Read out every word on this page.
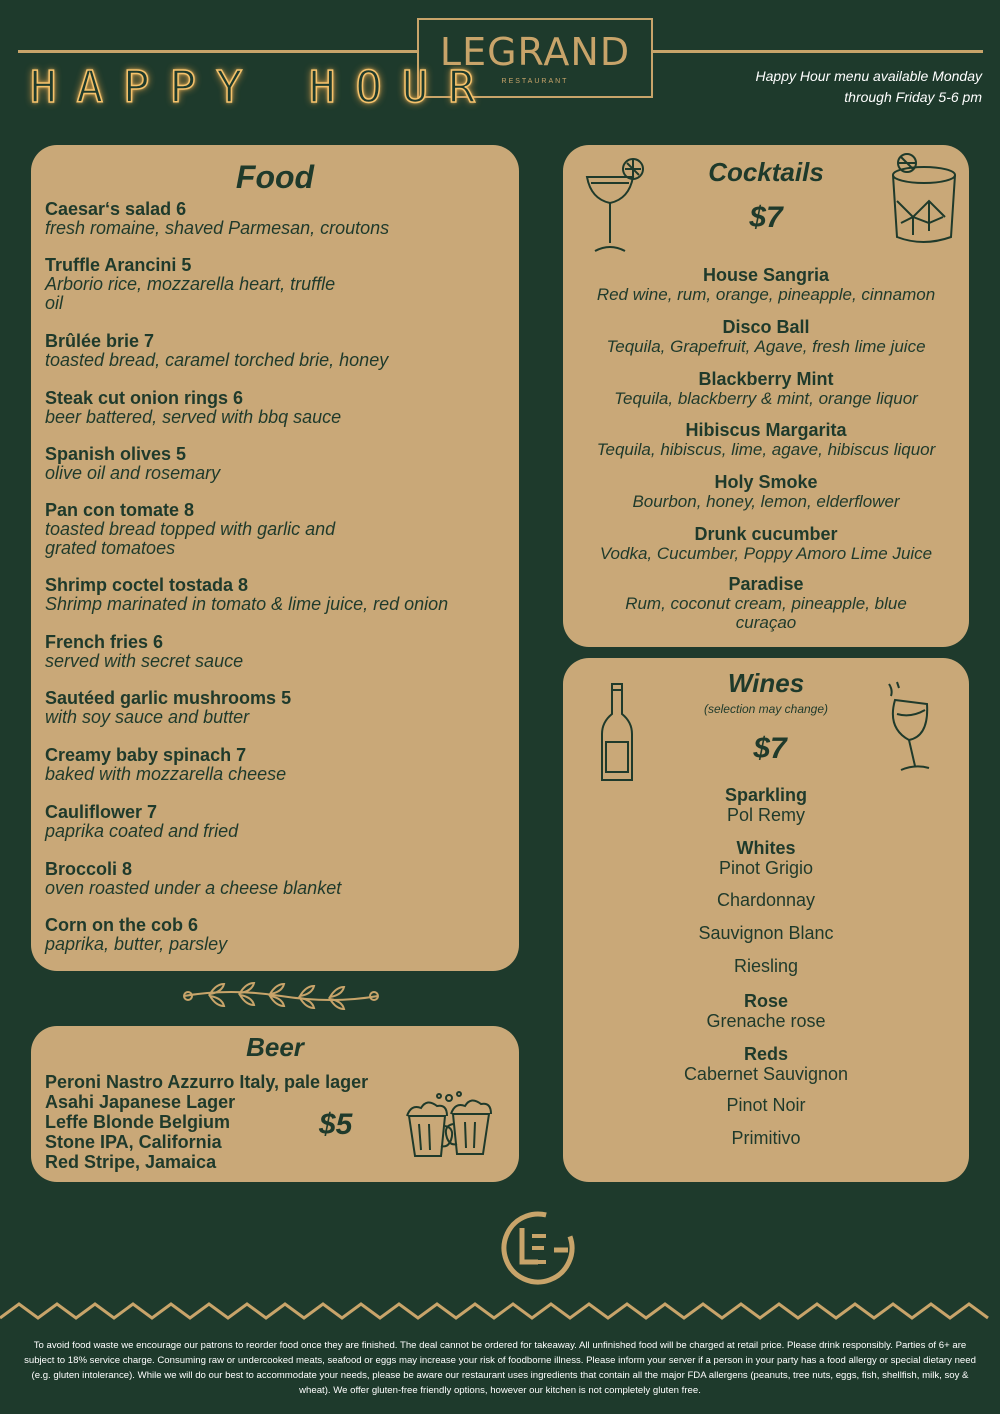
LEGRAND
RESTAURANT
HAPPY HOUR	Happy Hour menu available Monday through Friday 5-6 pm
Food
Caesar‘s salad 6
fresh romaine, shaved Parmesan, croutons
Truffle Arancini 5
Arborio rice, mozzarella heart, truffle oil
Brûlée brie 7
toasted bread, caramel torched brie, honey
Steak cut onion rings 6
beer battered, served with bbq sauce
Spanish olives 5
olive oil and rosemary
Pan con tomate 8
toasted bread topped with garlic and grated tomatoes
Shrimp coctel tostada 8
Shrimp marinated in tomato & lime juice, red onion
French fries 6
served with secret sauce
Sautéed garlic mushrooms 5
with soy sauce and butter
Creamy baby spinach 7
baked with mozzarella cheese
Cauliflower 7
paprika coated and fried
Broccoli 8
oven roasted under a cheese blanket
Corn on the cob 6
paprika, butter, parsley
Beer
Peroni Nastro Azzurro Italy, pale lager
Asahi Japanese Lager
Leffe Blonde Belgium
Stone IPA, California
Red Stripe, Jamaica
$5
Cocktails
$7
House Sangria
Red wine, rum, orange, pineapple, cinnamon
Disco Ball
Tequila, Grapefruit, Agave, fresh lime juice
Blackberry Mint
Tequila, blackberry & mint, orange liquor
Hibiscus Margarita
Tequila, hibiscus, lime, agave, hibiscus liquor
Holy Smoke
Bourbon, honey, lemon, elderflower
Drunk cucumber
Vodka, Cucumber, Poppy Amoro Lime Juice
Paradise
Rum, coconut cream, pineapple, blue curaçao
Wines
(selection may change)
$7
Sparkling
Pol Remy
Whites
Pinot Grigio
Chardonnay
Sauvignon Blanc
Riesling
Rose
Grenache rose
Reds
Cabernet Sauvignon
Pinot Noir
Primitivo
To avoid food waste we encourage our patrons to reorder food once they are finished. The deal cannot be ordered for takeaway. All unfinished food will be charged at retail price. Please drink responsibly. Parties of 6+ are subject to 18% service charge. Consuming raw or undercooked meats, seafood or eggs may increase your risk of foodborne illness. Please inform your server if a person in your party has a food allergy or special dietary need (e.g. gluten intolerance). While we will do our best to accommodate your needs, please be aware our restaurant uses ingredients that contain all the major FDA allergens (peanuts, tree nuts, eggs, fish, shellfish, milk, soy & wheat). We offer gluten-free friendly options, however our kitchen is not completely gluten free.
